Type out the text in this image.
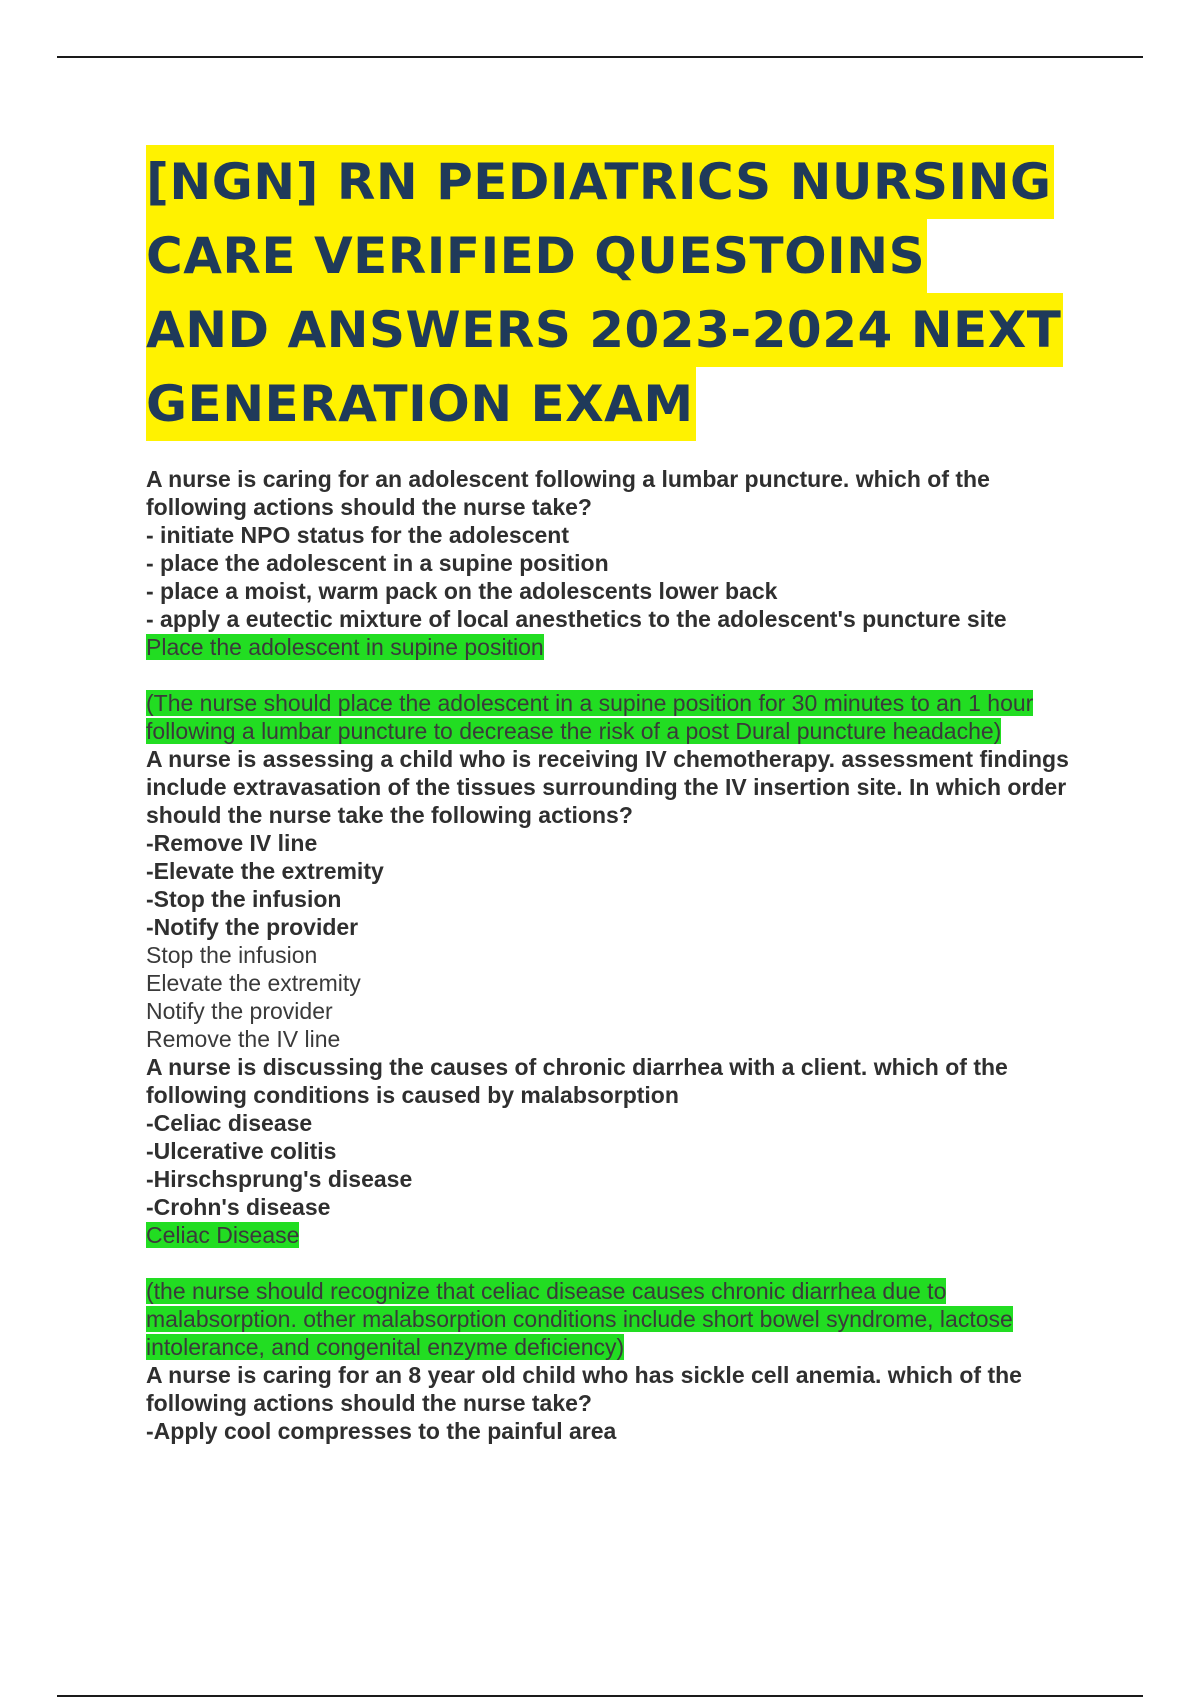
[NGN] RN PEDIATRICS NURSING
CARE VERIFIED QUESTOINS
AND ANSWERS 2023-2024 NEXT
GENERATION EXAM

A nurse is caring for an adolescent following a lumbar puncture. which of the following actions should the nurse take?

- initiate NPO status for the adolescent

- place the adolescent in a supine position

- place a moist, warm pack on the adolescents lower back

- apply a eutectic mixture of local anesthetics to the adolescent's puncture site

Place the adolescent in supine position

(The nurse should place the adolescent in a supine position for 30 minutes to an 1 hour following a lumbar puncture to decrease the risk of a post Dural puncture headache)

A nurse is assessing a child who is receiving IV chemotherapy. assessment findings include extravasation of the tissues surrounding the IV insertion site. In which order should the nurse take the following actions?

-Remove IV line

-Elevate the extremity

-Stop the infusion

-Notify the provider

Stop the infusion

Elevate the extremity

Notify the provider

Remove the IV line

A nurse is discussing the causes of chronic diarrhea with a client. which of the following conditions is caused by malabsorption

-Celiac disease

-Ulcerative colitis

-Hirschsprung's disease

-Crohn's disease

Celiac Disease

(the nurse should recognize that celiac disease causes chronic diarrhea due to malabsorption. other malabsorption conditions include short bowel syndrome, lactose intolerance, and congenital enzyme deficiency)

A nurse is caring for an 8 year old child who has sickle cell anemia. which of the following actions should the nurse take?

-Apply cool compresses to the painful area
